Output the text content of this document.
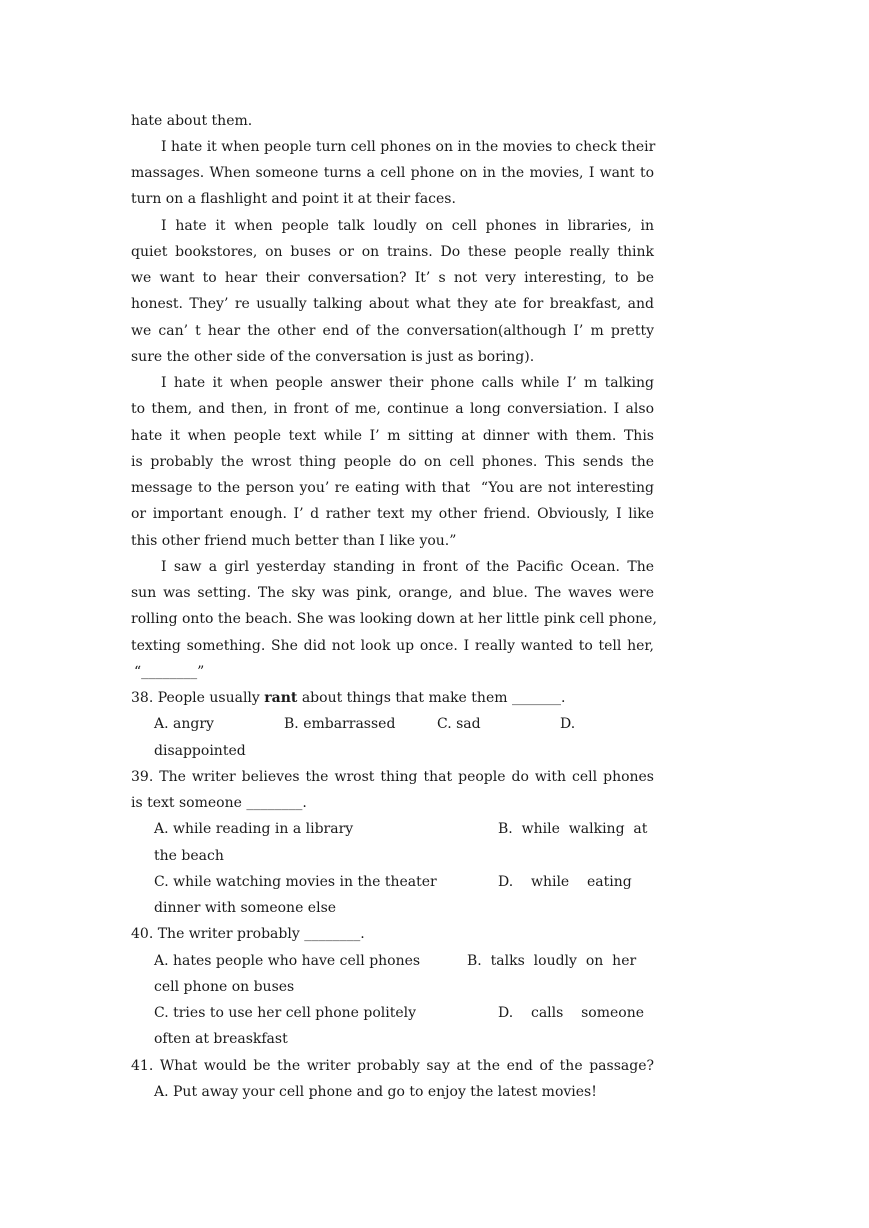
hate about them.
I hate it when people turn cell phones on in the movies to check their
massages. When someone turns a cell phone on in the movies, I want to
turn on a flashlight and point it at their faces.
I hate it when people talk loudly on cell phones in libraries, in
quiet bookstores, on buses or on trains. Do these people really think
we want to hear their conversation? It’ s not very interesting, to be
honest. They’ re usually talking about what they ate for breakfast, and
we can’ t hear the other end of the conversation(although I’ m pretty
sure the other side of the conversation is just as boring).
I hate it when people answer their phone calls while I’ m talking
to them, and then, in front of me, continue a long conversiation. I also
hate it when people text while I’ m sitting at dinner with them. This
is probably the wrost thing people do on cell phones. This sends the
message to the person you’ re eating with that  “You are not interesting
or important enough. I’ d rather text my other friend. Obviously, I like
this other friend much better than I like you.”
I saw a girl yesterday standing in front of the Pacific Ocean. The
sun was setting. The sky was pink, orange, and blue. The waves were
rolling onto the beach. She was looking down at her little pink cell phone,
texting something. She did not look up once. I really wanted to tell her,
“________”
38. People usually rant about things that make them _______.
A. angry	B. embarrassed	C. sad	D.
disappointed
39. The writer believes the wrost thing that people do with cell phones
is text someone ________.
A. while reading in a library	B.  while  walking  at
the beach
C. while watching movies in the theater	D.    while    eating
dinner with someone else
40. The writer probably ________.
A. hates people who have cell phones	B.  talks  loudly  on  her
cell phone on buses
C. tries to use her cell phone politely	D.    calls    someone
often at breaskfast
41. What would be the writer probably say at the end of the passage?
A. Put away your cell phone and go to enjoy the latest movies!
